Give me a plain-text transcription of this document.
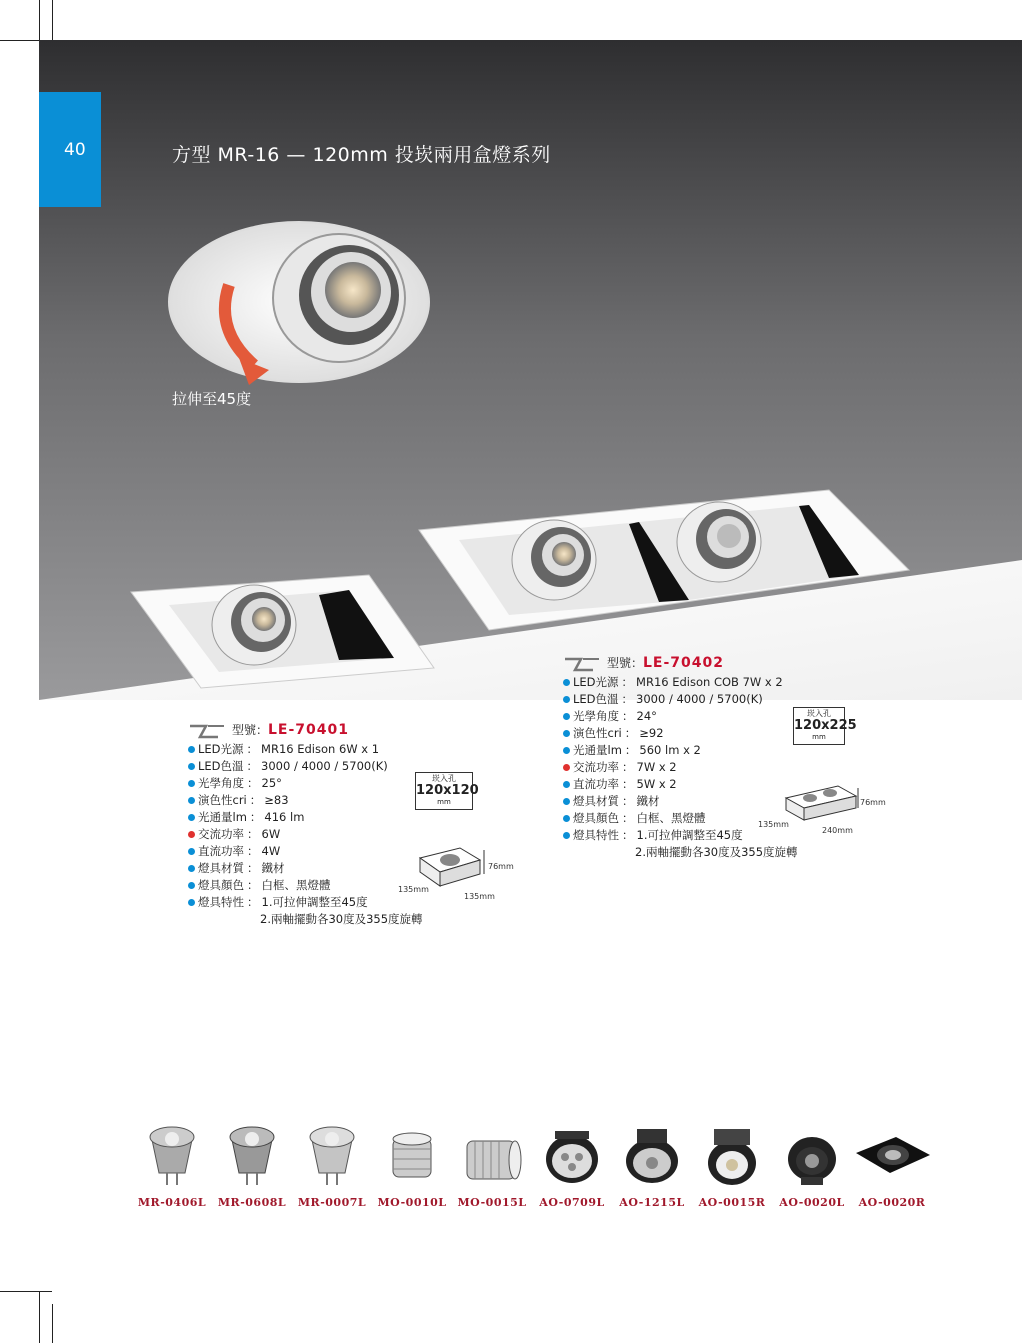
40	方型 MR-16 — 120mm 投崁兩用盒燈系列
拉伸至45度
型號： LE-70401
LED光源 ： MR16 Edison 6W x 1
LED色溫 ： 3000 / 4000 / 5700(K)
光學角度 ： 25°
演色性cri ： ≥83
光通量lm ： 416 lm
交流功率 ： 6W
直流功率 ： 4W
燈具材質 ： 鐵材
燈具顏色 ： 白框、黑燈體
燈具特性 ： 1.可拉伸調整至45度
2.兩軸擺動各30度及355度旋轉
崁入孔
120x120
mm
76mm
135mm
135mm
型號： LE-70402
LED光源 ： MR16 Edison COB 7W x 2
LED色溫 ： 3000 / 4000 / 5700(K)
光學角度 ： 24°
演色性cri ： ≥92
光通量lm ： 560 lm x 2
交流功率 ： 7W x 2
直流功率 ： 5W x 2
燈具材質 ： 鐵材
燈具顏色 ： 白框、黑燈體
燈具特性 ： 1.可拉伸調整至45度
2.兩軸擺動各30度及355度旋轉
崁入孔
120x225
mm
76mm
135mm
240mm
MR-0406L	MR-0608L	MR-0007L	MO-0010L MO-0015L	AO-0709L	AO-1215L	AO-0015R	AO-0020L	AO-0020R
